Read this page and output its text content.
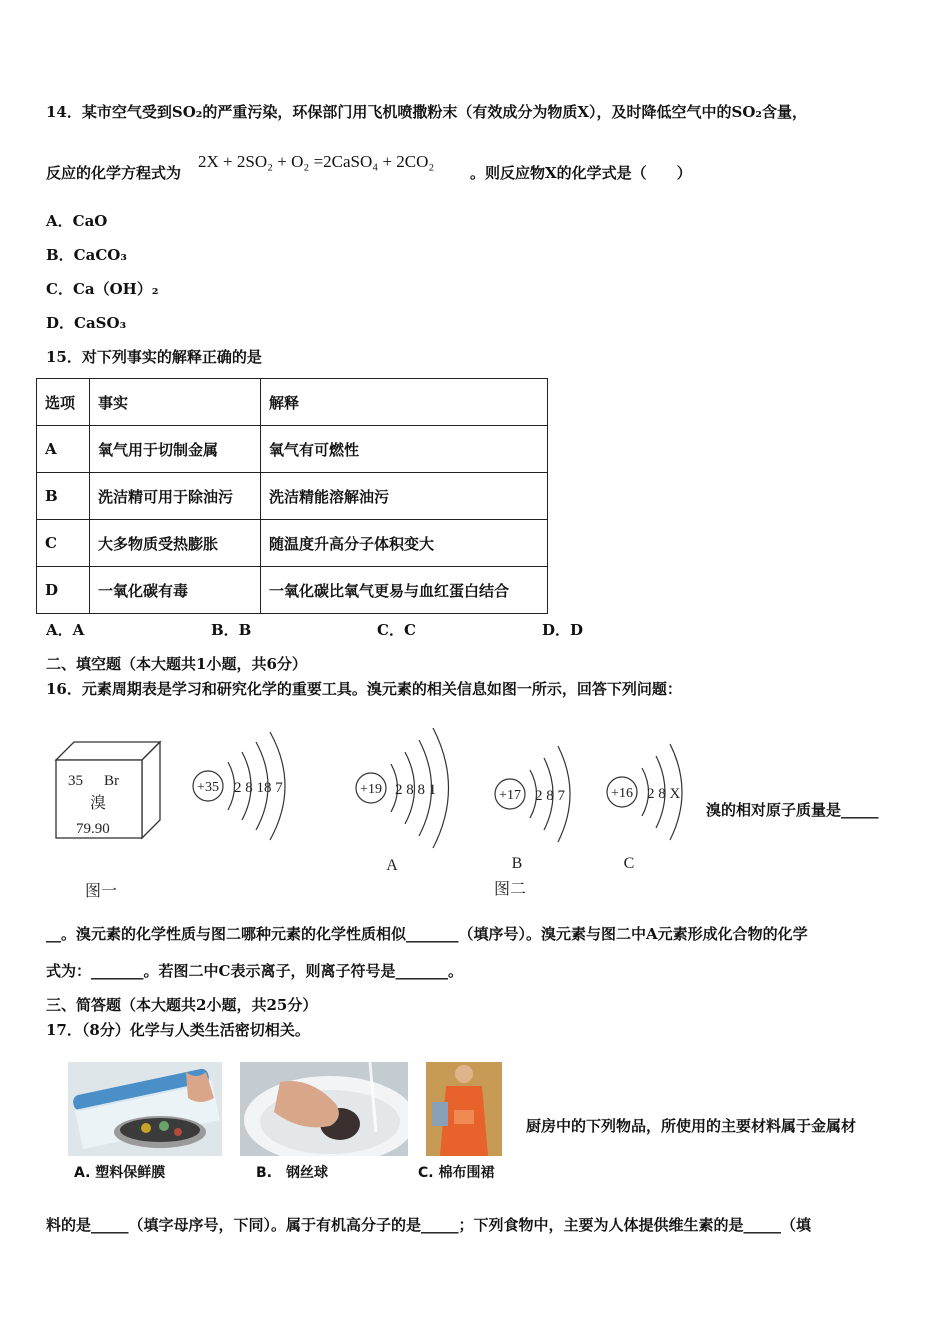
14．某市空气受到SO₂的严重污染，环保部门用飞机喷撒粉末（有效成分为物质X），及时降低空气中的SO₂含量，
反应的化学方程式为
2X + 2SO₂ + O₂ =2CaSO₄ + 2CO₂
。则反应物X的化学式是（　　）
A．CaO
B．CaCO₃
C．Ca（OH）₂
D．CaSO₃
15．对下列事实的解释正确的是
选项	事实	解释
A	氧气用于切制金属	氧气有可燃性
B	洗洁精可用于除油污	洗洁精能溶解油污
C	大多物质受热膨胀	随温度升高分子体积变大
D	一氧化碳有毒	一氧化碳比氧气更易与血红蛋白结合
A．A	B．B	C．C	D．D
二、填空题（本大题共1小题，共6分）
16．元素周期表是学习和研究化学的重要工具。溴元素的相关信息如图一所示，回答下列问题：
35 Br
溴
79.90
+35 2 8 18 7	+19 2 8 8 1
A
+17 2 8 7
B
+16 2 8 X
C
图一	图二
溴的相对原子质量是_____
__。溴元素的化学性质与图二哪种元素的化学性质相似_______（填序号）。溴元素与图二中A元素形成化合物的化学
式为：_______。若图二中C表示离子，则离子符号是_______。
三、简答题（本大题共2小题，共25分）
17．（8分）化学与人类生活密切相关。
A. 塑料保鲜膜	B.　钢丝球	C. 棉布围裙
厨房中的下列物品，所使用的主要材料属于金属材
料的是_____（填字母序号，下同）。属于有机高分子的是_____；下列食物中，主要为人体提供维生素的是_____（填
